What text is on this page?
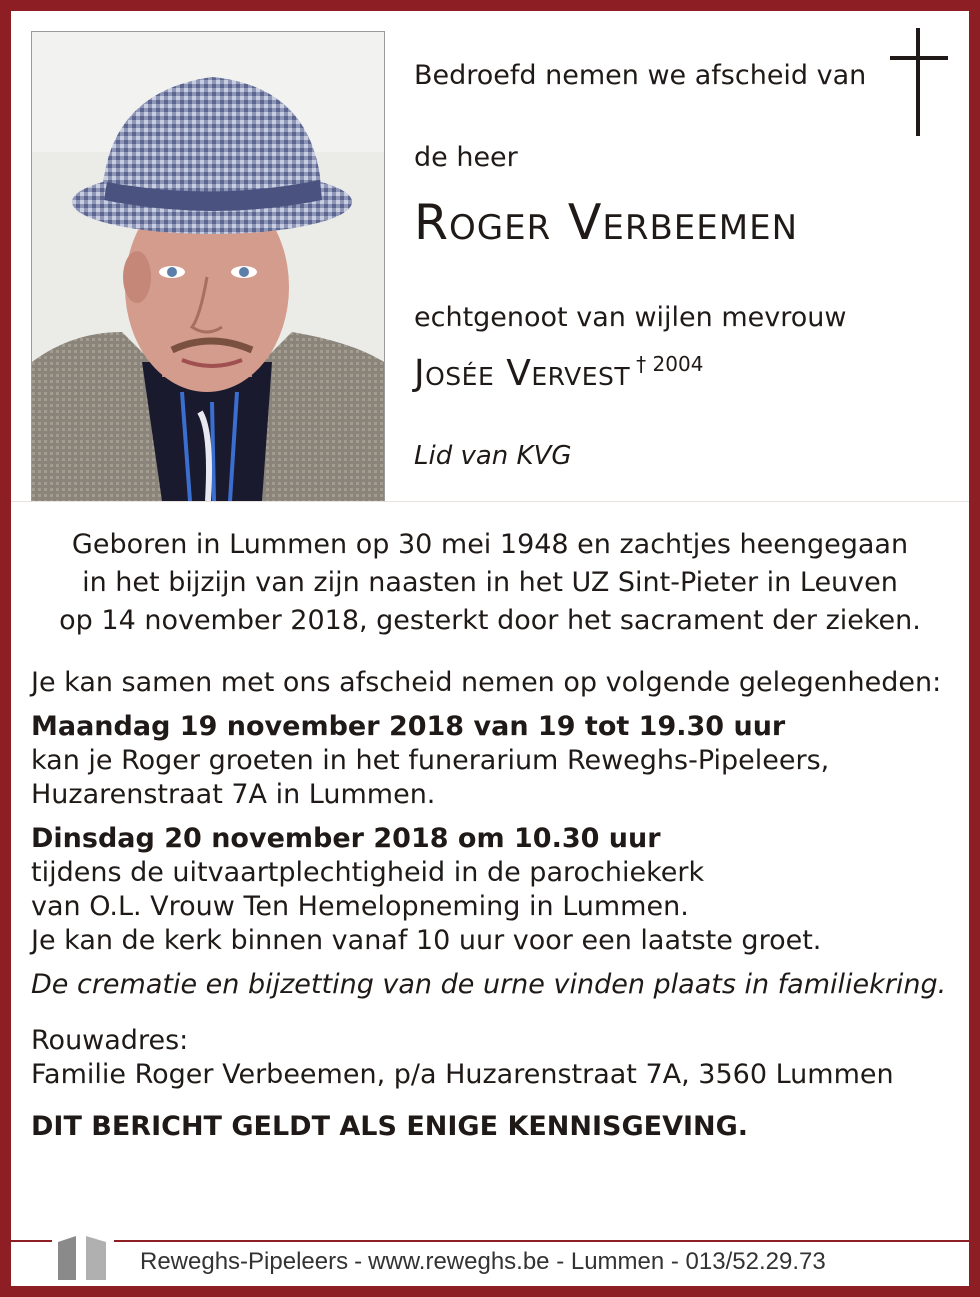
Bedroefd nemen we afscheid van
de heer
Roger Verbeemen
echtgenoot van wijlen mevrouw
Josée Vervest $^{\dagger 2004}$
Lid van KVG
Geboren in Lummen op 30 mei 1948 en zachtjes heengegaan
in het bijzijn van zijn naasten in het UZ Sint-Pieter in Leuven
op 14 november 2018, gesterkt door het sacrament der zieken.

Je kan samen met ons afscheid nemen op volgende gelegenheden:

Maandag 19 november 2018 van 19 tot 19.30 uur

kan je Roger groeten in het funerarium Reweghs-Pipeleers,

Huzarenstraat 7A in Lummen.

Dinsdag 20 november 2018 om 10.30 uur

tijdens de uitvaartplechtigheid in de parochiekerk

van O.L. Vrouw Ten Hemelopneming in Lummen.

Je kan de kerk binnen vanaf 10 uur voor een laatste groet.

De crematie en bijzetting van de urne vinden plaats in familiekring.

Rouwadres:

Familie Roger Verbeemen, p/a Huzarenstraat 7A, 3560 Lummen

DIT BERICHT GELDT ALS ENIGE KENNISGEVING.

Reweghs-Pipeleers - www.reweghs.be - Lummen - 013/52.29.73
